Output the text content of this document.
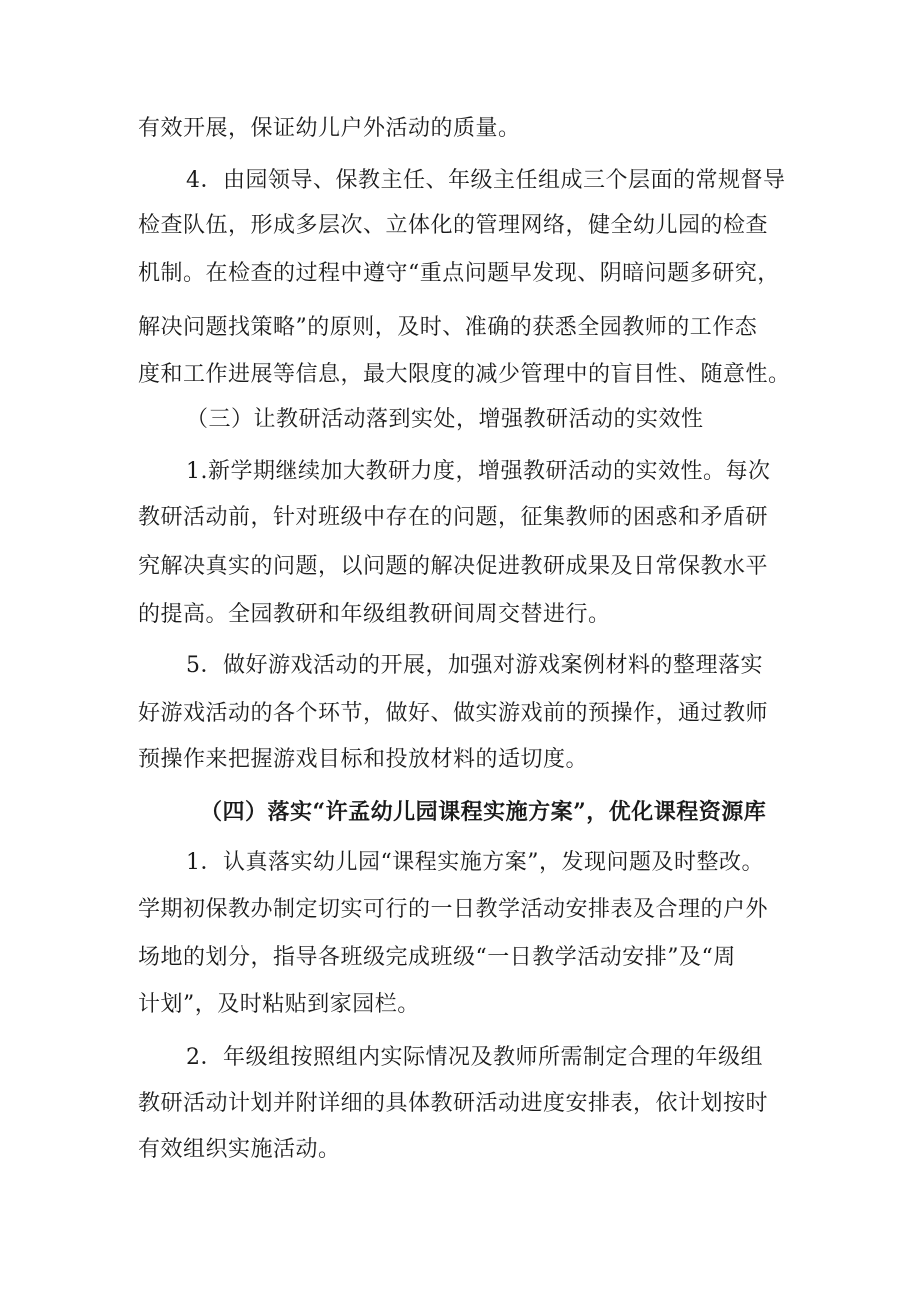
有效开展，保证幼儿户外活动的质量。
4．由园领导、保教主任、年级主任组成三个层面的常规督导
检查队伍，形成多层次、立体化的管理网络，健全幼儿园的检查
机制。在检查的过程中遵守“重点问题早发现、阴暗问题多研究，
解决问题找策略”的原则，及时、准确的获悉全园教师的工作态
度和工作进展等信息，最大限度的减少管理中的盲目性、随意性。
（三）让教研活动落到实处，增强教研活动的实效性
1.新学期继续加大教研力度，增强教研活动的实效性。每次
教研活动前，针对班级中存在的问题，征集教师的困惑和矛盾研
究解决真实的问题，以问题的解决促进教研成果及日常保教水平
的提高。全园教研和年级组教研间周交替进行。
5．做好游戏活动的开展，加强对游戏案例材料的整理落实
好游戏活动的各个环节，做好、做实游戏前的预操作，通过教师
预操作来把握游戏目标和投放材料的适切度。
（四）落实“许孟幼儿园课程实施方案”，优化课程资源库
1．认真落实幼儿园“课程实施方案”，发现问题及时整改。
学期初保教办制定切实可行的一日教学活动安排表及合理的户外
场地的划分，指导各班级完成班级“一日教学活动安排”及“周
计划”，及时粘贴到家园栏。
2．年级组按照组内实际情况及教师所需制定合理的年级组
教研活动计划并附详细的具体教研活动进度安排表，依计划按时
有效组织实施活动。
